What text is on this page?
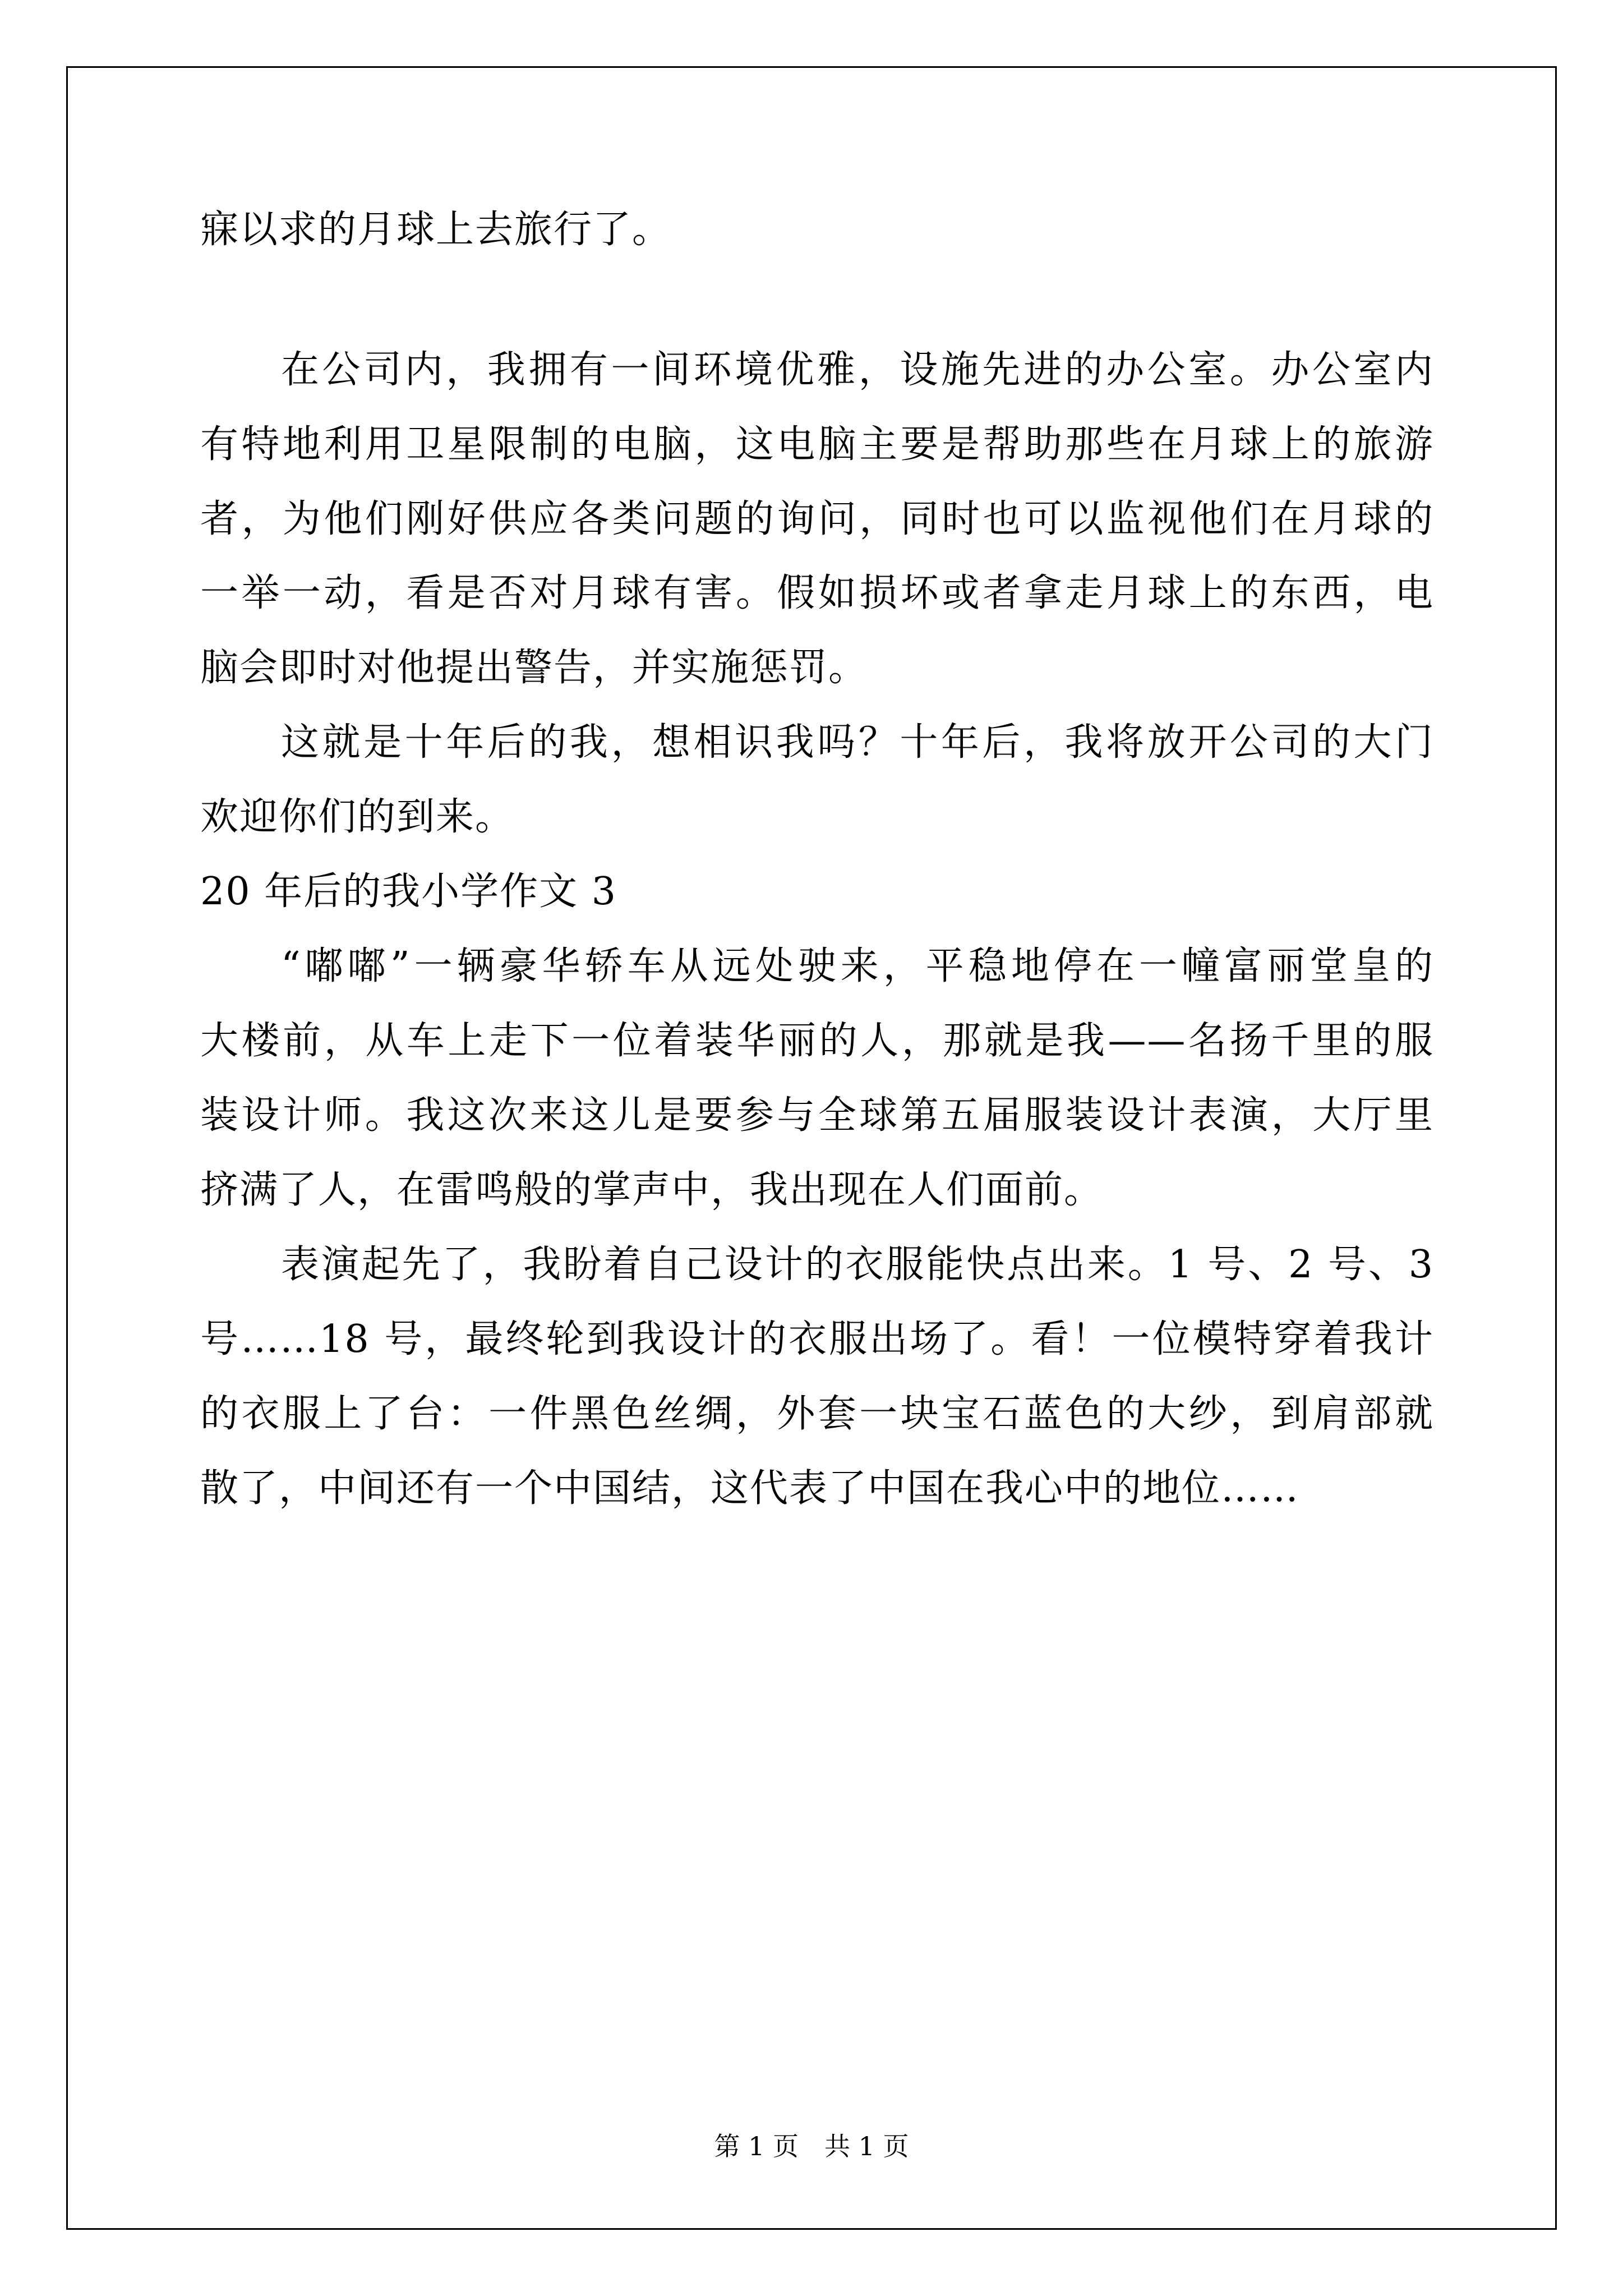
寐以求的月球上去旅行了。
在公司内，我拥有一间环境优雅，设施先进的办公室。办公室内
有特地利用卫星限制的电脑，这电脑主要是帮助那些在月球上的旅游
者，为他们刚好供应各类问题的询问，同时也可以监视他们在月球的
一举一动，看是否对月球有害。假如损坏或者拿走月球上的东西，电
脑会即时对他提出警告，并实施惩罚。
这就是十年后的我，想相识我吗？十年后，我将放开公司的大门
欢迎你们的到来。
20 年后的我小学作文 3
“嘟嘟”一辆豪华轿车从远处驶来，平稳地停在一幢富丽堂皇的
大楼前，从车上走下一位着装华丽的人，那就是我——名扬千里的服
装设计师。我这次来这儿是要参与全球第五届服装设计表演，大厅里
挤满了人，在雷鸣般的掌声中，我出现在人们面前。
表演起先了，我盼着自己设计的衣服能快点出来。1 号、2 号、3
号……18 号，最终轮到我设计的衣服出场了。看！一位模特穿着我计
的衣服上了台：一件黑色丝绸，外套一块宝石蓝色的大纱，到肩部就
散了，中间还有一个中国结，这代表了中国在我心中的地位……
第 1 页　共 1 页
